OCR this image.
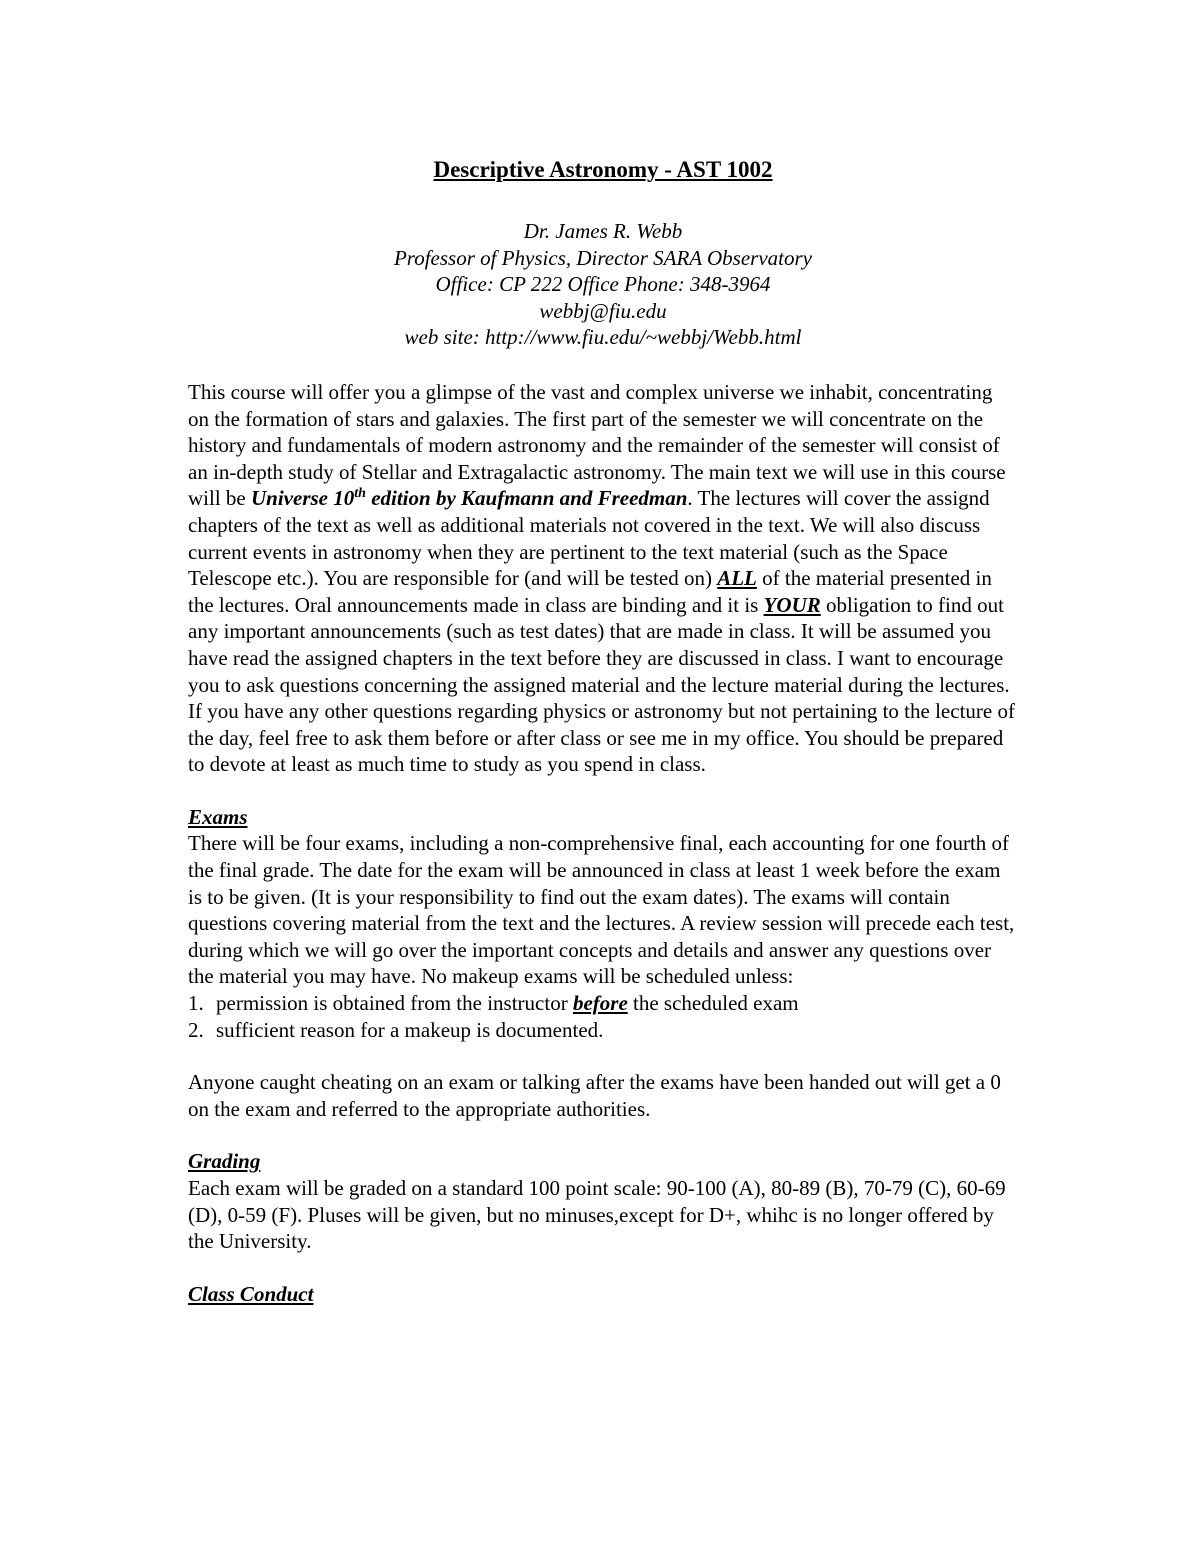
Descriptive Astronomy - AST 1002
Dr. James R. Webb
Professor of Physics, Director SARA Observatory
Office: CP 222 Office Phone: 348-3964
webbj@fiu.edu
web site: http://www.fiu.edu/~webbj/Webb.html

This course will offer you a glimpse of the vast and complex universe we inhabit, concentrating on the formation of stars and galaxies. The first part of the semester we will concentrate on the history and fundamentals of modern astronomy and the remainder of the semester will consist of an in-depth study of Stellar and Extragalactic astronomy. The main text we will use in this course will be Universe 10th edition by Kaufmann and Freedman. The lectures will cover the assignd chapters of the text as well as additional materials not covered in the text. We will also discuss current events in astronomy when they are pertinent to the text material (such as the Space Telescope etc.). You are responsible for (and will be tested on) ALL of the material presented in the lectures. Oral announcements made in class are binding and it is YOUR obligation to find out any important announcements (such as test dates) that are made in class. It will be assumed you have read the assigned chapters in the text before they are discussed in class. I want to encourage you to ask questions concerning the assigned material and the lecture material during the lectures. If you have any other questions regarding physics or astronomy but not pertaining to the lecture of the day, feel free to ask them before or after class or see me in my office. You should be prepared to devote at least as much time to study as you spend in class.

Exams

There will be four exams, including a non-comprehensive final, each accounting for one fourth of the final grade. The date for the exam will be announced in class at least 1 week before the exam is to be given. (It is your responsibility to find out the exam dates). The exams will contain questions covering material from the text and the lectures. A review session will precede each test, during which we will go over the important concepts and details and answer any questions over the material you may have. No makeup exams will be scheduled unless:

1. permission is obtained from the instructor before the scheduled exam
2. sufficient reason for a makeup is documented.

Anyone caught cheating on an exam or talking after the exams have been handed out will get a 0 on the exam and referred to the appropriate authorities.

Grading

Each exam will be graded on a standard 100 point scale: 90-100 (A), 80-89 (B), 70-79 (C), 60-69 (D), 0-59 (F). Pluses will be given, but no minuses,except for D+, whihc is no longer offered by the University.

Class Conduct
